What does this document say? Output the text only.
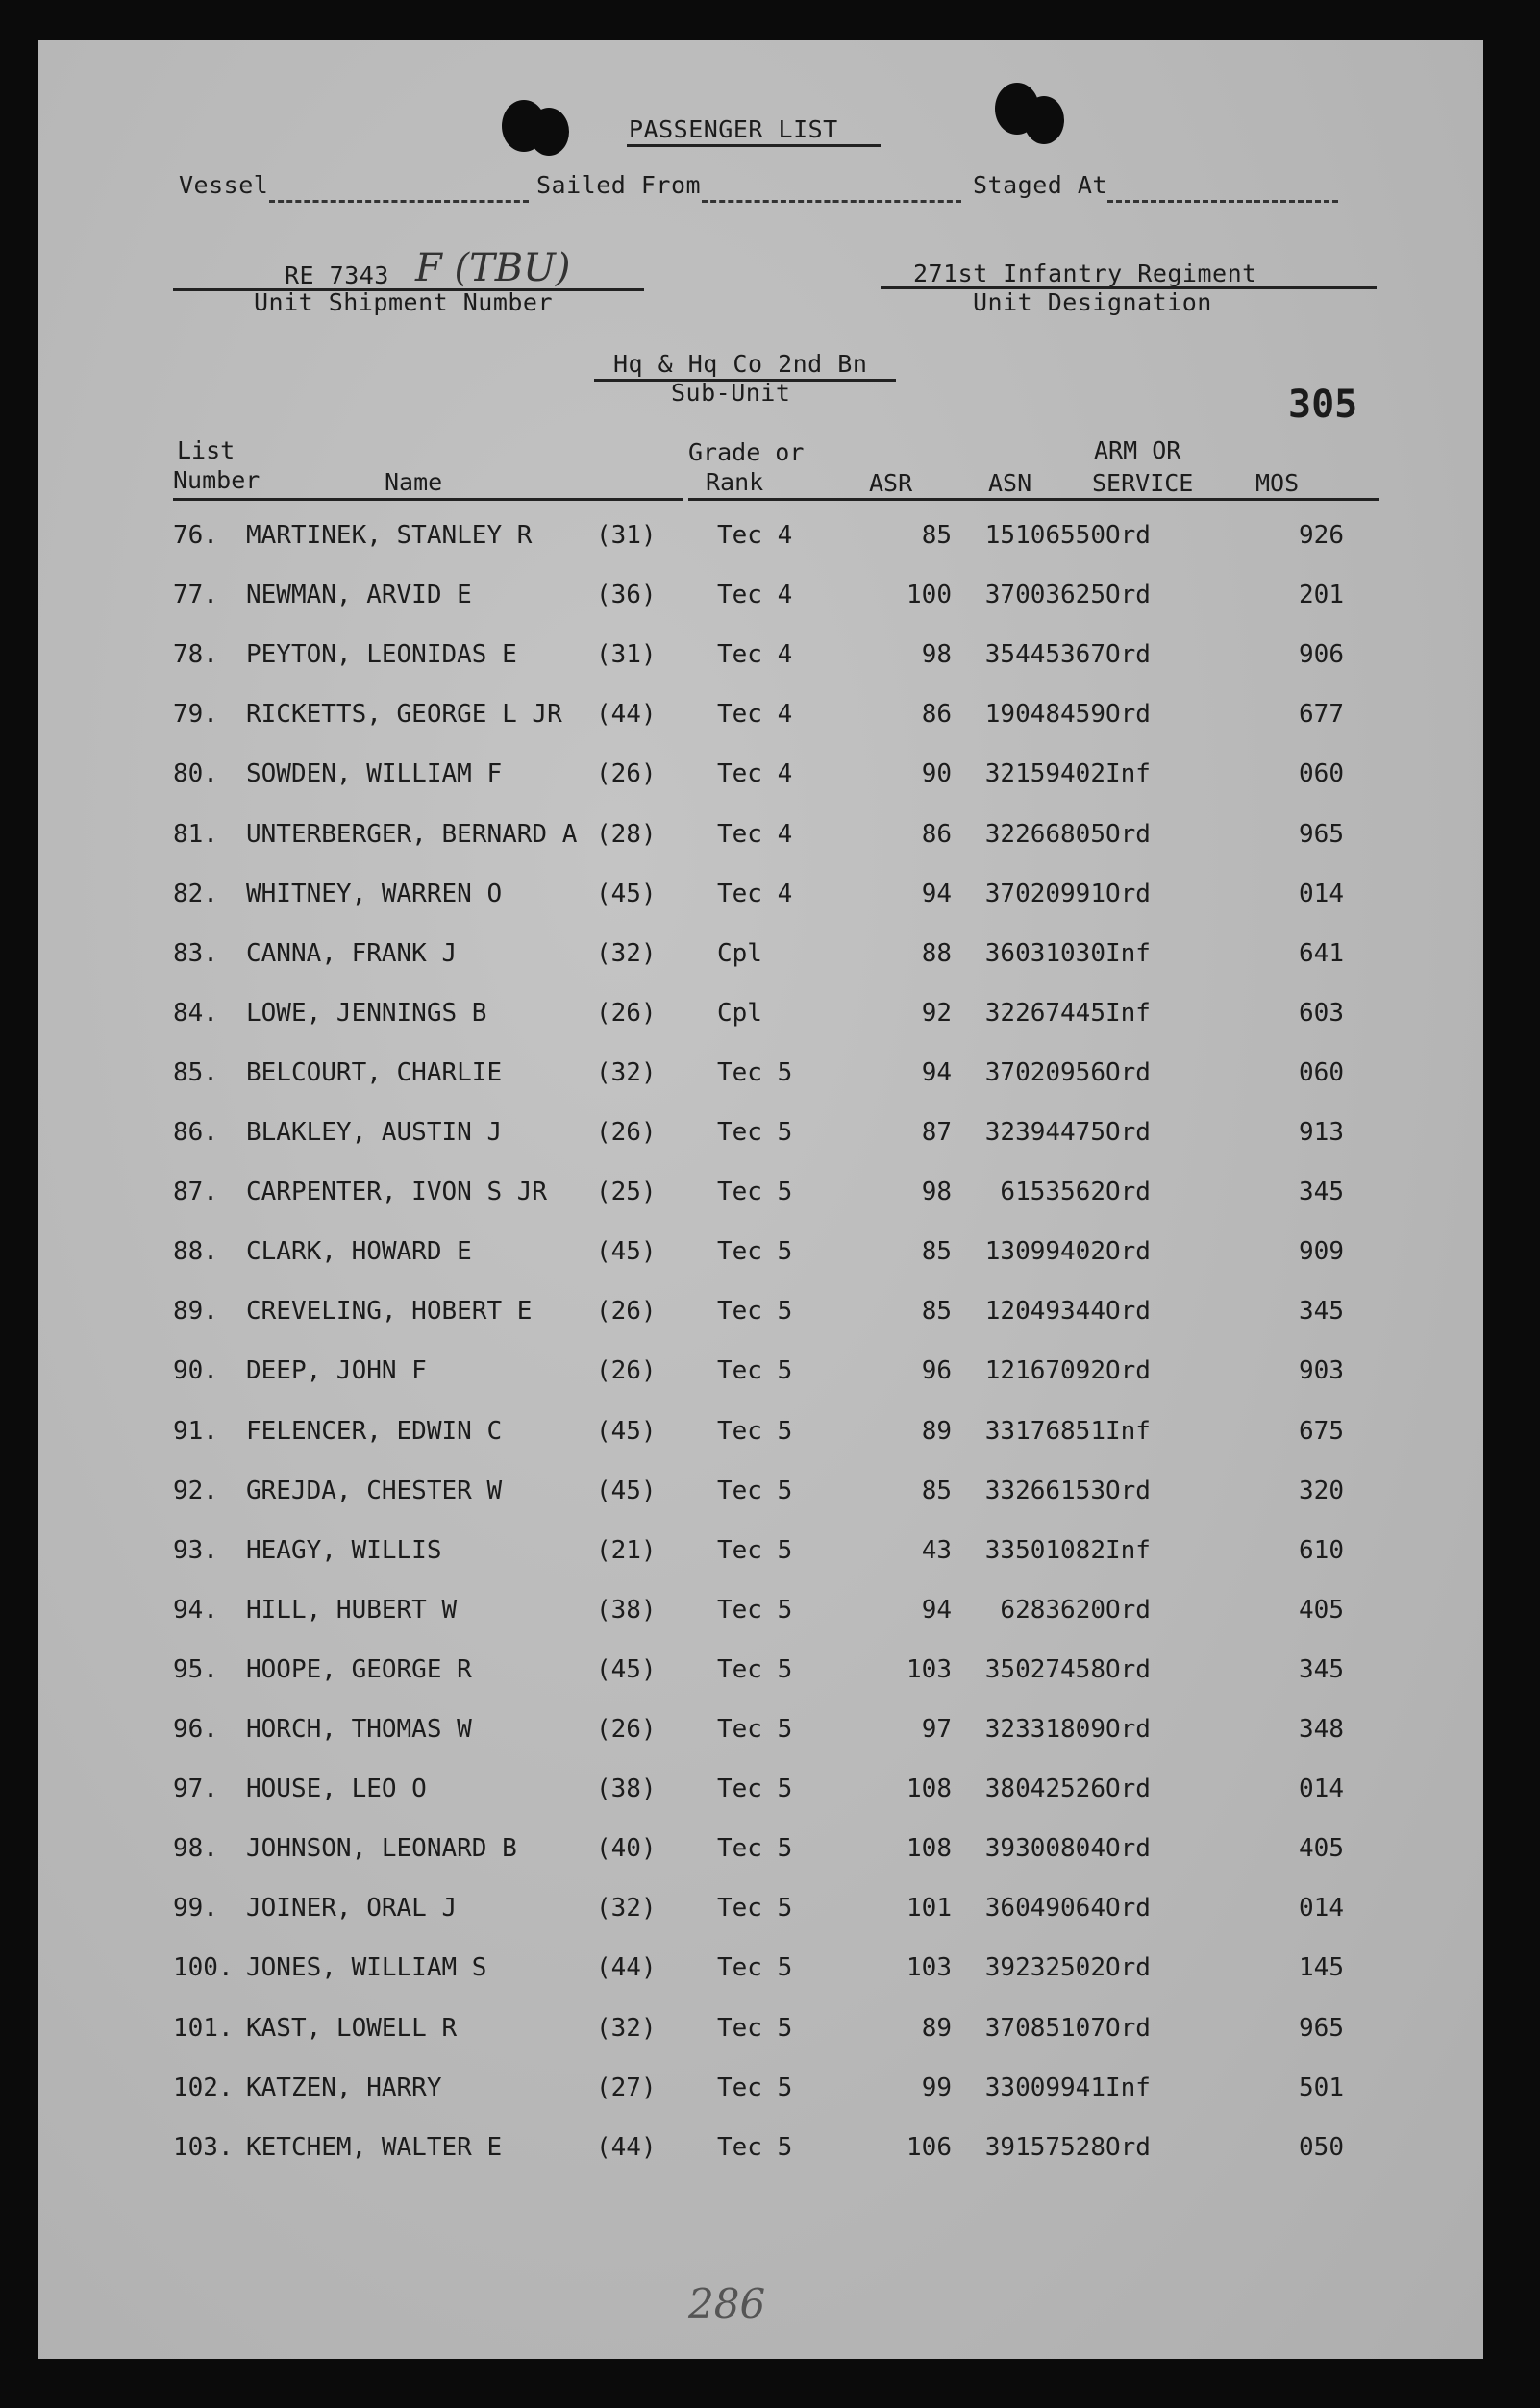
PASSENGER LIST
Vessel	Sailed From	Staged At
RE 7343 F (TBU)
Unit Shipment Number
271st Infantry Regiment
Unit Designation
Hq & Hq Co 2nd Bn
Sub-Unit	305
List
Number	Name
Grade or
Rank	ASR	ASN
ARM OR
SERVICE	MOS
76. MARTINEK, STANLEY R	(31) Tec 4	85	15106550 Ord	926
77. NEWMAN, ARVID E	(36) Tec 4	100	37003625 Ord	201
78. PEYTON, LEONIDAS E	(31) Tec 4	98	35445367 Ord	906
79. RICKETTS, GEORGE L JR (44) Tec 4	86	19048459 Ord	677
80. SOWDEN, WILLIAM F	(26) Tec 4	90	32159402 Inf	060
81. UNTERBERGER, BERNARD A (28) Tec 4	86	32266805 Ord	965
82. WHITNEY, WARREN O	(45) Tec 4	94	37020991 Ord	014
83. CANNA, FRANK J	(32) Cpl	88	36031030 Inf	641
84. LOWE, JENNINGS B	(26) Cpl	92	32267445 Inf	603
85. BELCOURT, CHARLIE	(32) Tec 5	94	37020956 Ord	060
86. BLAKLEY, AUSTIN J	(26) Tec 5	87	32394475 Ord	913
87. CARPENTER, IVON S JR (25) Tec 5	98	6153562 Ord	345
88. CLARK, HOWARD E	(45) Tec 5	85	13099402 Ord	909
89. CREVELING, HOBERT E	(26) Tec 5	85	12049344 Ord	345
90. DEEP, JOHN F	(26) Tec 5	96	12167092 Ord	903
91. FELENCER, EDWIN C	(45) Tec 5	89	33176851 Inf	675
92. GREJDA, CHESTER W	(45) Tec 5	85	33266153 Ord	320
93. HEAGY, WILLIS	(21) Tec 5	43	33501082 Inf	610
94. HILL, HUBERT W	(38) Tec 5	94	6283620 Ord	405
95. HOOPE, GEORGE R	(45) Tec 5	103	35027458 Ord	345
96. HORCH, THOMAS W	(26) Tec 5	97	32331809 Ord	348
97. HOUSE, LEO O	(38) Tec 5	108	38042526 Ord	014
98. JOHNSON, LEONARD B	(40) Tec 5	108	39300804 Ord	405
99. JOINER, ORAL J	(32) Tec 5	101	36049064 Ord	014
100. JONES, WILLIAM S	(44) Tec 5	103	39232502 Ord	145
101. KAST, LOWELL R	(32) Tec 5	89	37085107 Ord	965
102. KATZEN, HARRY	(27) Tec 5	99	33009941 Inf	501
103. KETCHEM, WALTER E	(44) Tec 5	106	39157528 Ord	050
286
